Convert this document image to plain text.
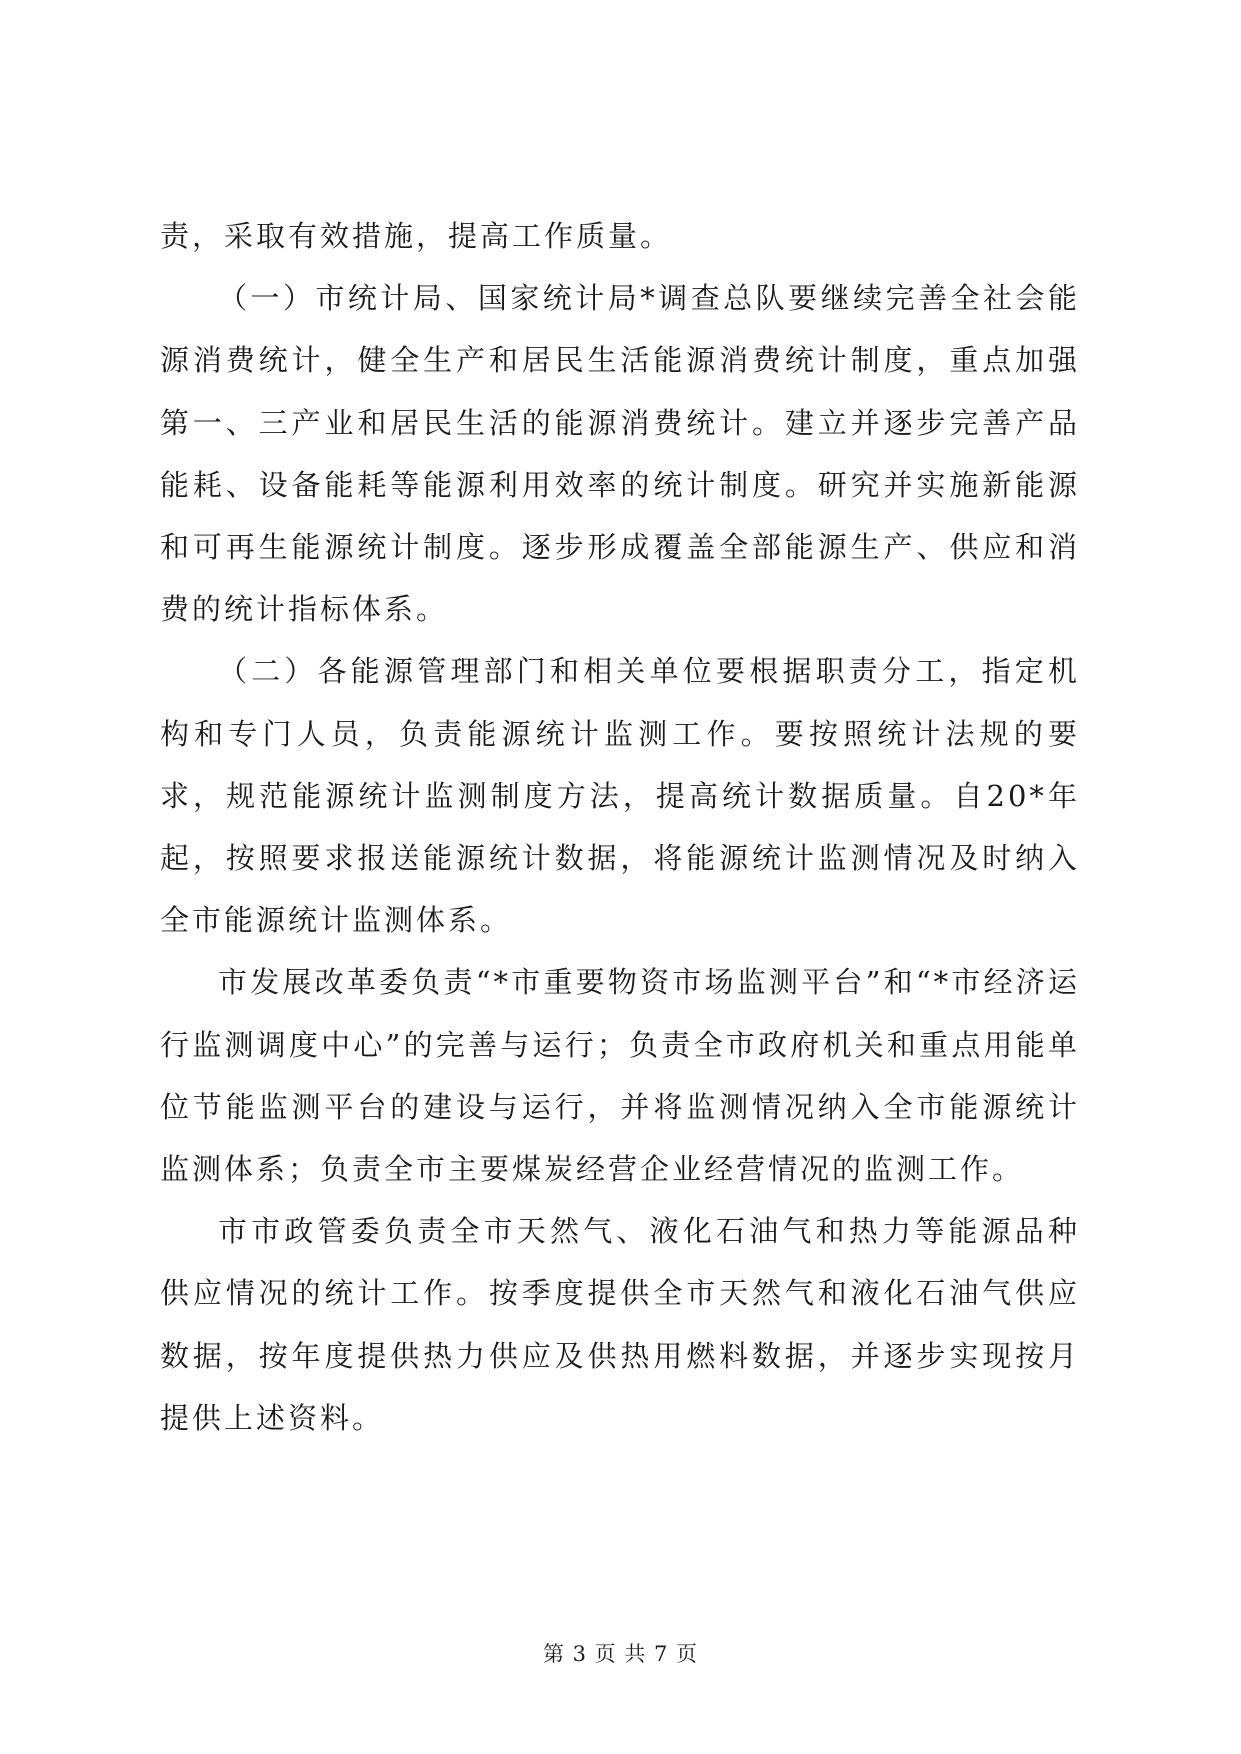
责，采取有效措施，提高工作质量。

（一）市统计局、国家统计局*调查总队要继续完善全社会能源消费统计，健全生产和居民生活能源消费统计制度，重点加强第一、三产业和居民生活的能源消费统计。建立并逐步完善产品能耗、设备能耗等能源利用效率的统计制度。研究并实施新能源和可再生能源统计制度。逐步形成覆盖全部能源生产、供应和消费的统计指标体系。

（二）各能源管理部门和相关单位要根据职责分工，指定机构和专门人员，负责能源统计监测工作。要按照统计法规的要求，规范能源统计监测制度方法，提高统计数据质量。自20*年起，按照要求报送能源统计数据，将能源统计监测情况及时纳入全市能源统计监测体系。

市发展改革委负责“*市重要物资市场监测平台”和“*市经济运行监测调度中心”的完善与运行；负责全市政府机关和重点用能单位节能监测平台的建设与运行，并将监测情况纳入全市能源统计监测体系；负责全市主要煤炭经营企业经营情况的监测工作。

市市政管委负责全市天然气、液化石油气和热力等能源品种供应情况的统计工作。按季度提供全市天然气和液化石油气供应数据，按年度提供热力供应及供热用燃料数据，并逐步实现按月提供上述资料。

第 3 页 共 7 页
